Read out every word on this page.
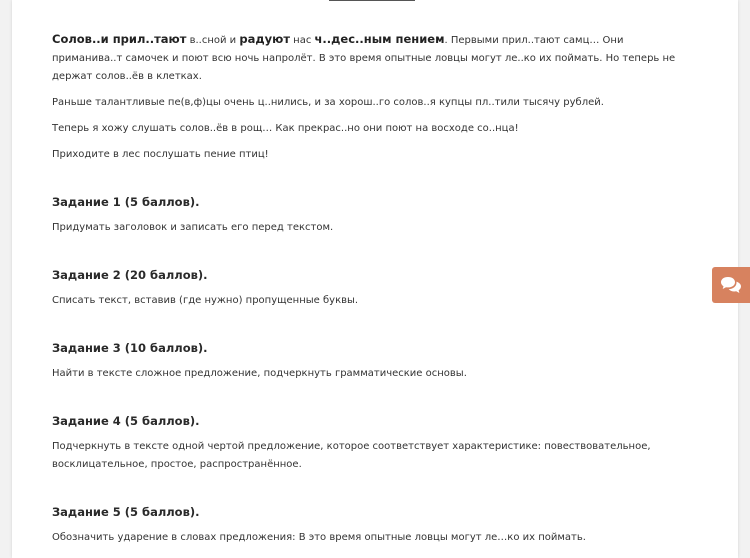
Солов..и прил..тают в..сной и радуют нас ч..дес..ным пением. Первыми прил..тают самц… Они приманива..т самочек и поют всю ночь напролёт. В это время опытные ловцы могут ле..ко их поймать. Но теперь не держат солов..ёв в клетках.

Раньше талантливые пе(в,ф)цы очень ц..нились, и за хорош..го солов..я купцы пл..тили тысячу рублей.

Теперь я хожу слушать солов..ёв в рощ… Как прекрас..но они поют на восходе со..нца!

Приходите в лес послушать пение птиц!

Задание 1 (5 баллов).

Придумать заголовок и записать его перед текстом.

Задание 2 (20 баллов).

Списать текст, вставив (где нужно) пропущенные буквы.

Задание 3 (10 баллов).

Найти в тексте сложное предложение, подчеркнуть грамматические основы.

Задание 4 (5 баллов).

Подчеркнуть в тексте одной чертой предложение, которое соответствует характеристике: повествовательное, восклицательное, простое, распространённое.

Задание 5 (5 баллов).

Обозначить ударение в словах предложения: В это время опытные ловцы могут ле…ко их поймать.
